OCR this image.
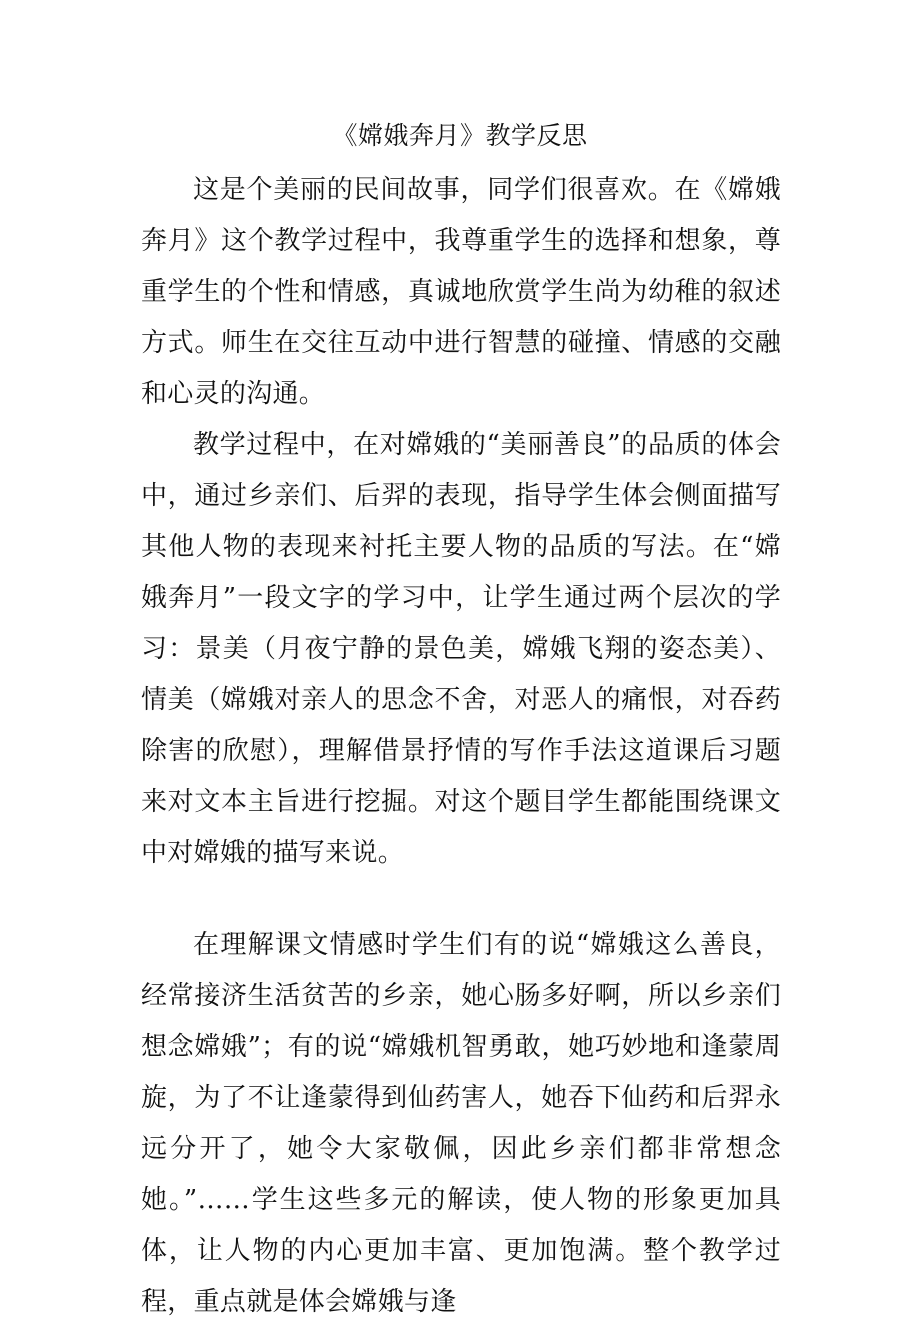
《嫦娥奔月》教学反思

这是个美丽的民间故事，同学们很喜欢。在《嫦娥奔月》这个教学过程中，我尊重学生的选择和想象，尊重学生的个性和情感，真诚地欣赏学生尚为幼稚的叙述方式。师生在交往互动中进行智慧的碰撞、情感的交融和心灵的沟通。

教学过程中，在对嫦娥的“美丽善良”的品质的体会中，通过乡亲们、后羿的表现，指导学生体会侧面描写其他人物的表现来衬托主要人物的品质的写法。在“嫦娥奔月”一段文字的学习中，让学生通过两个层次的学习：景美（月夜宁静的景色美，嫦娥飞翔的姿态美）、情美（嫦娥对亲人的思念不舍，对恶人的痛恨，对吞药除害的欣慰），理解借景抒情的写作手法这道课后习题来对文本主旨进行挖掘。对这个题目学生都能围绕课文中对嫦娥的描写来说。

在理解课文情感时学生们有的说“嫦娥这么善良，经常接济生活贫苦的乡亲，她心肠多好啊，所以乡亲们想念嫦娥”；有的说“嫦娥机智勇敢，她巧妙地和逢蒙周旋，为了不让逢蒙得到仙药害人，她吞下仙药和后羿永远分开了，她令大家敬佩，因此乡亲们都非常想念她。”……学生这些多元的解读，使人物的形象更加具体，让人物的内心更加丰富、更加饱满。整个教学过程，重点就是体会嫦娥与逢
